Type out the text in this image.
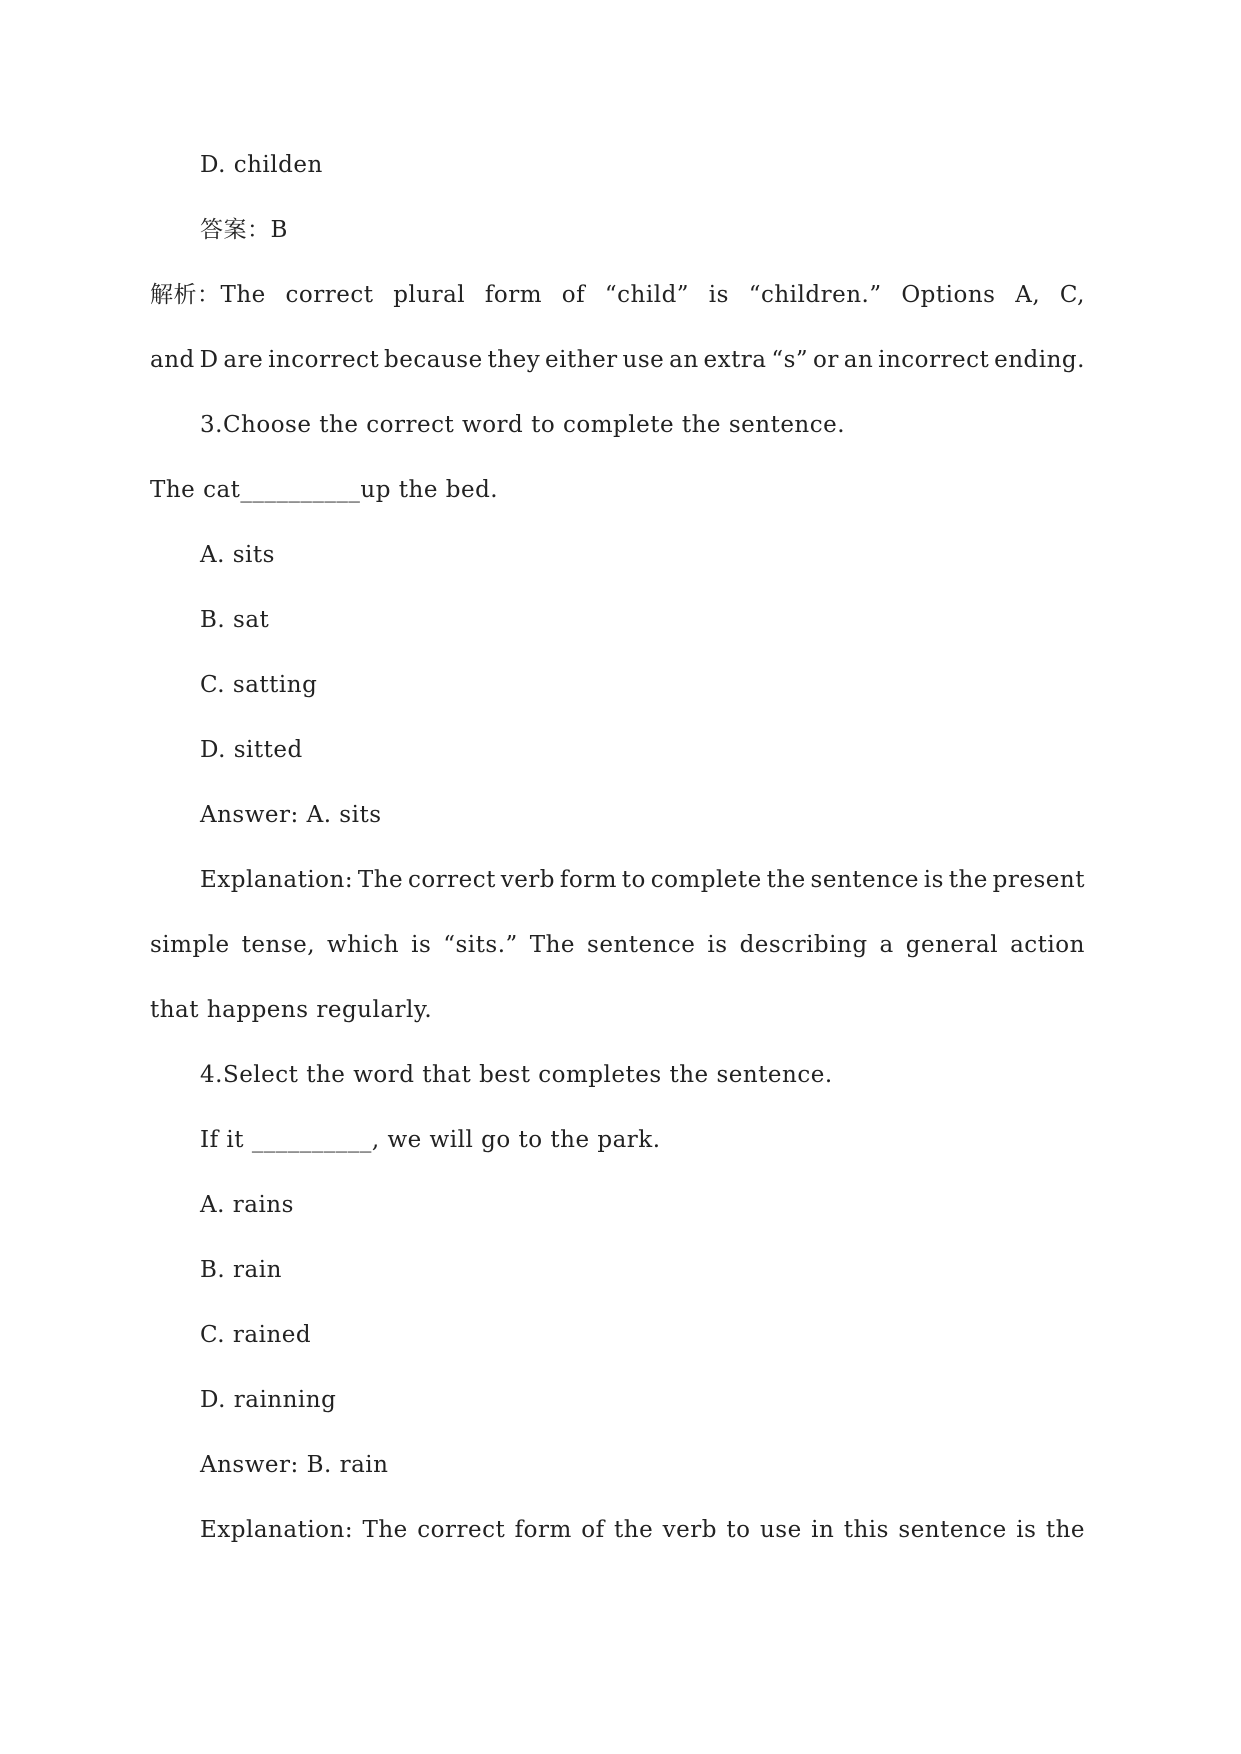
D. childen
答案：B
解析：The correct plural form of “child” is “children.” Options A, C,
and D are incorrect because they either use an extra “s” or an incorrect ending.
3.Choose the correct word to complete the sentence.
The cat__________up the bed.
A. sits
B. sat
C. satting
D. sitted
Answer: A. sits
Explanation: The correct verb form to complete the sentence is the present
simple tense, which is “sits.” The sentence is describing a general action
that happens regularly.
4.Select the word that best completes the sentence.
If it __________, we will go to the park.
A. rains
B. rain
C. rained
D. rainning
Answer: B. rain
Explanation: The correct form of the verb to use in this sentence is the
